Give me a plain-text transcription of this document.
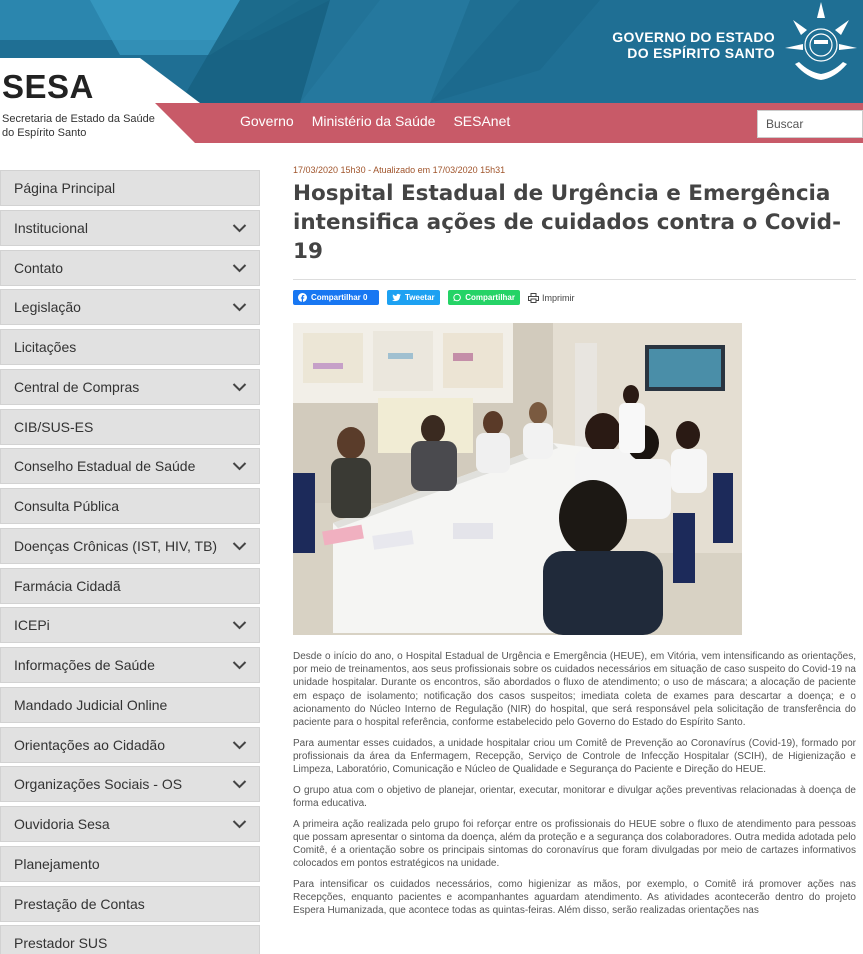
SESA
Secretaria de Estado da Saúde do Espírito Santo
GOVERNO DO ESTADO
DO ESPÍRITO SANTO
Governo Ministério da Saúde SESAnet
Buscar
Página Principal
Institucional
Contato
Legislação
Licitações
Central de Compras
CIB/SUS-ES
Conselho Estadual de Saúde
Consulta Pública
Doenças Crônicas (IST, HIV, TB)
Farmácia Cidadã
ICEPi
Informações de Saúde
Mandado Judicial Online
Orientações ao Cidadão
Organizações Sociais - OS
Ouvidoria Sesa
Planejamento
Prestação de Contas
Prestador SUS
17/03/2020 15h30 - Atualizado em 17/03/2020 15h31
Hospital Estadual de Urgência e Emergência intensifica ações de cuidados contra o Covid-19
Compartilhar 0	Tweetar	Compartilhar	Imprimir

Desde o início do ano, o Hospital Estadual de Urgência e Emergência (HEUE), em Vitória, vem intensificando as orientações, por meio de treinamentos, aos seus profissionais sobre os cuidados necessários em situação de caso suspeito do Covid-19 na unidade hospitalar. Durante os encontros, são abordados o fluxo de atendimento; o uso de máscara; a alocação de paciente em espaço de isolamento; notificação dos casos suspeitos; imediata coleta de exames para descartar a doença; e o acionamento do Núcleo Interno de Regulação (NIR) do hospital, que será responsável pela solicitação de transferência do paciente para o hospital referência, conforme estabelecido pelo Governo do Estado do Espírito Santo.

Para aumentar esses cuidados, a unidade hospitalar criou um Comitê de Prevenção ao Coronavírus (Covid-19), formado por profissionais da área da Enfermagem, Recepção, Serviço de Controle de Infecção Hospitalar (SCIH), de Higienização e Limpeza, Laboratório, Comunicação e Núcleo de Qualidade e Segurança do Paciente e Direção do HEUE.

O grupo atua com o objetivo de planejar, orientar, executar, monitorar e divulgar ações preventivas relacionadas à doença de forma educativa.

A primeira ação realizada pelo grupo foi reforçar entre os profissionais do HEUE sobre o fluxo de atendimento para pessoas que possam apresentar o sintoma da doença, além da proteção e a segurança dos colaboradores. Outra medida adotada pelo Comitê, é a orientação sobre os principais sintomas do coronavírus que foram divulgadas por meio de cartazes informativos colocados em pontos estratégicos na unidade.

Para intensificar os cuidados necessários, como higienizar as mãos, por exemplo, o Comitê irá promover ações nas Recepções, enquanto pacientes e acompanhantes aguardam atendimento. As atividades acontecerão dentro do projeto Espera Humanizada, que acontece todas as quintas-feiras. Além disso, serão realizadas orientações nas
